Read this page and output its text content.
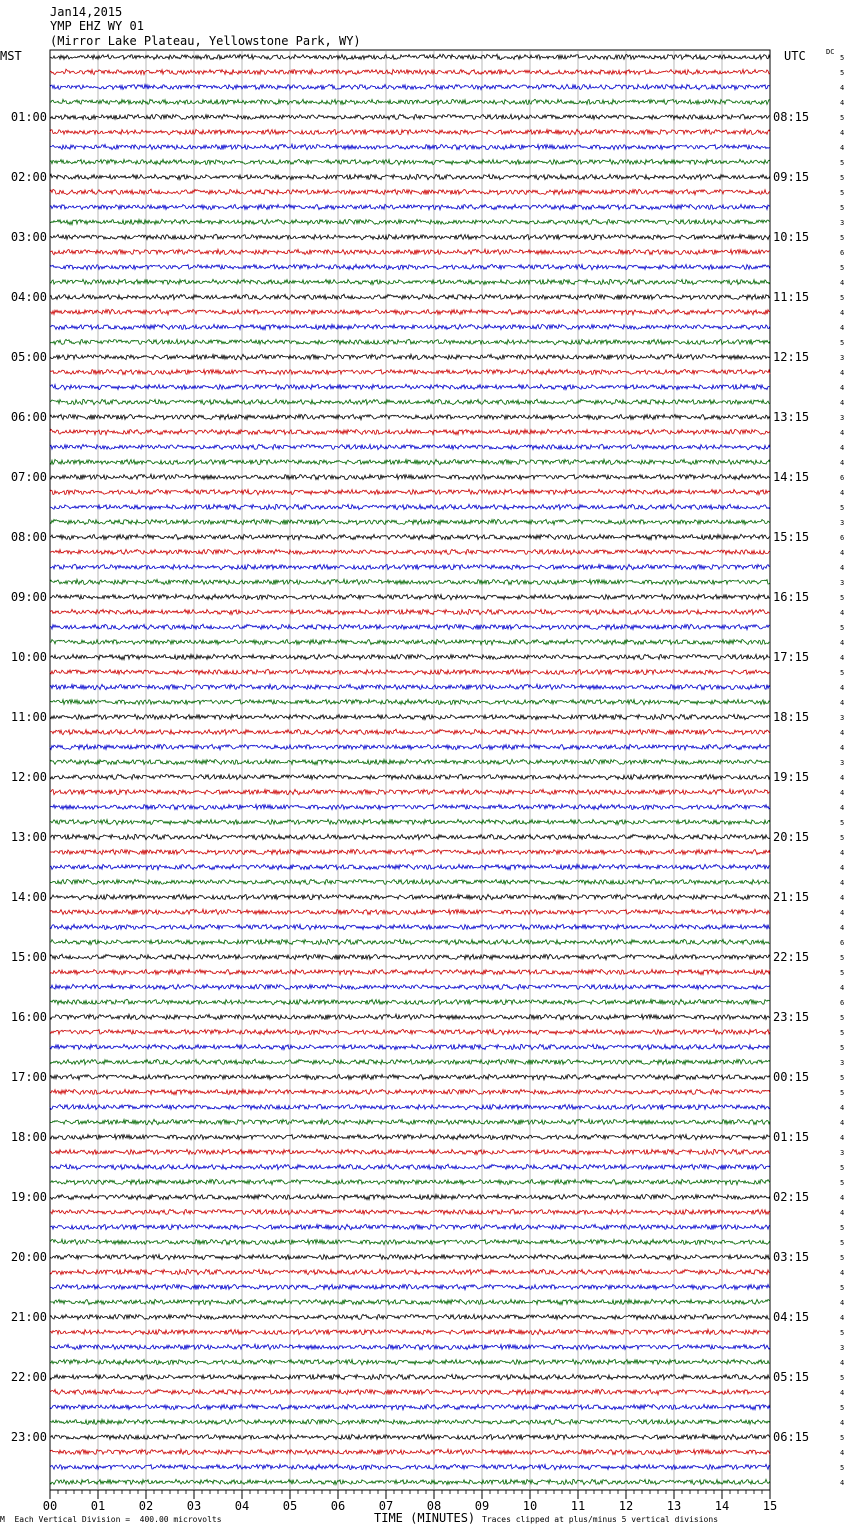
Jan14,2015
YMP EHZ WY 01
(Mirror Lake Plateau, Yellowstone Park, WY)
MST	UTC	DC
01:00
02:00
03:00
04:00
05:00
06:00
07:00
08:00
09:00
10:00
11:00
12:00
13:00
14:00
15:00
16:00
17:00
18:00
19:00
20:00
21:00
22:00
23:00
08:15
09:15
10:15
11:15
12:15
13:15
14:15
15:15
16:15
17:15
18:15
19:15
20:15
21:15
22:15
23:15
00:15
01:15
02:15
03:15
04:15
05:15
06:15
5
5
4
4
5
4
4
5
5
5
5
3
5
6
5
4
5
4
4
5
3
4
4
4
3
4
4
4
6
4
5
3
6
4
4
3
5
4
5
4
4
5
4
4
3
4
4
3
4
4
4
5
5
4
4
4
4
4
4
6
5
5
4
6
5
5
5
3
5
5
4
4
4
3
5
5
4
4
5
5
5
4
5
4
4
5
3
4
5
4
5
4
5
4
5
4
00	01	02	03	04	05	06	07	08	09	10	11	12	13	14	15
M  Each Vertical Division =  400.00 microvolts	TIME (MINUTES) Traces clipped at plus/minus 5 vertical divisions
